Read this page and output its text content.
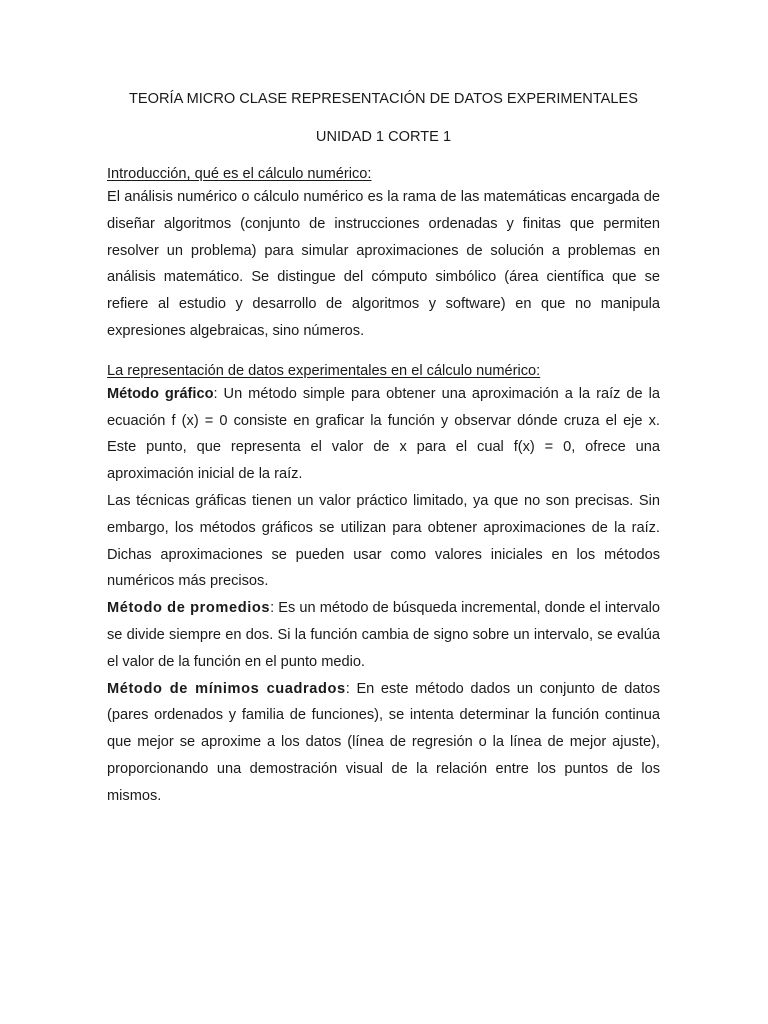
TEORÍA MICRO CLASE REPRESENTACIÓN DE DATOS EXPERIMENTALES
UNIDAD 1 CORTE 1
Introducción, qué es el cálculo numérico:

El análisis numérico o cálculo numérico es la rama de las matemáticas encargada de diseñar algoritmos (conjunto de instrucciones ordenadas y finitas que permiten resolver un problema) para simular aproximaciones de solución a problemas en análisis matemático. Se distingue del cómputo simbólico (área científica que se refiere al estudio y desarrollo de algoritmos y software) en que no manipula expresiones algebraicas, sino números.

La representación de datos experimentales en el cálculo numérico:

Método gráfico: Un método simple para obtener una aproximación a la raíz de la ecuación f (x) = 0 consiste en graficar la función y observar dónde cruza el eje x. Este punto, que representa el valor de x para el cual f(x) = 0, ofrece una aproximación inicial de la raíz.

Las técnicas gráficas tienen un valor práctico limitado, ya que no son precisas. Sin embargo, los métodos gráficos se utilizan para obtener aproximaciones de la raíz. Dichas aproximaciones se pueden usar como valores iniciales en los métodos numéricos más precisos.

Método de promedios: Es un método de búsqueda incremental, donde el intervalo se divide siempre en dos. Si la función cambia de signo sobre un intervalo, se evalúa el valor de la función en el punto medio.

Método de mínimos cuadrados: En este método dados un conjunto de datos (pares ordenados y familia de funciones), se intenta determinar la función continua que mejor se aproxime a los datos (línea de regresión o la línea de mejor ajuste), proporcionando una demostración visual de la relación entre los puntos de los mismos.
